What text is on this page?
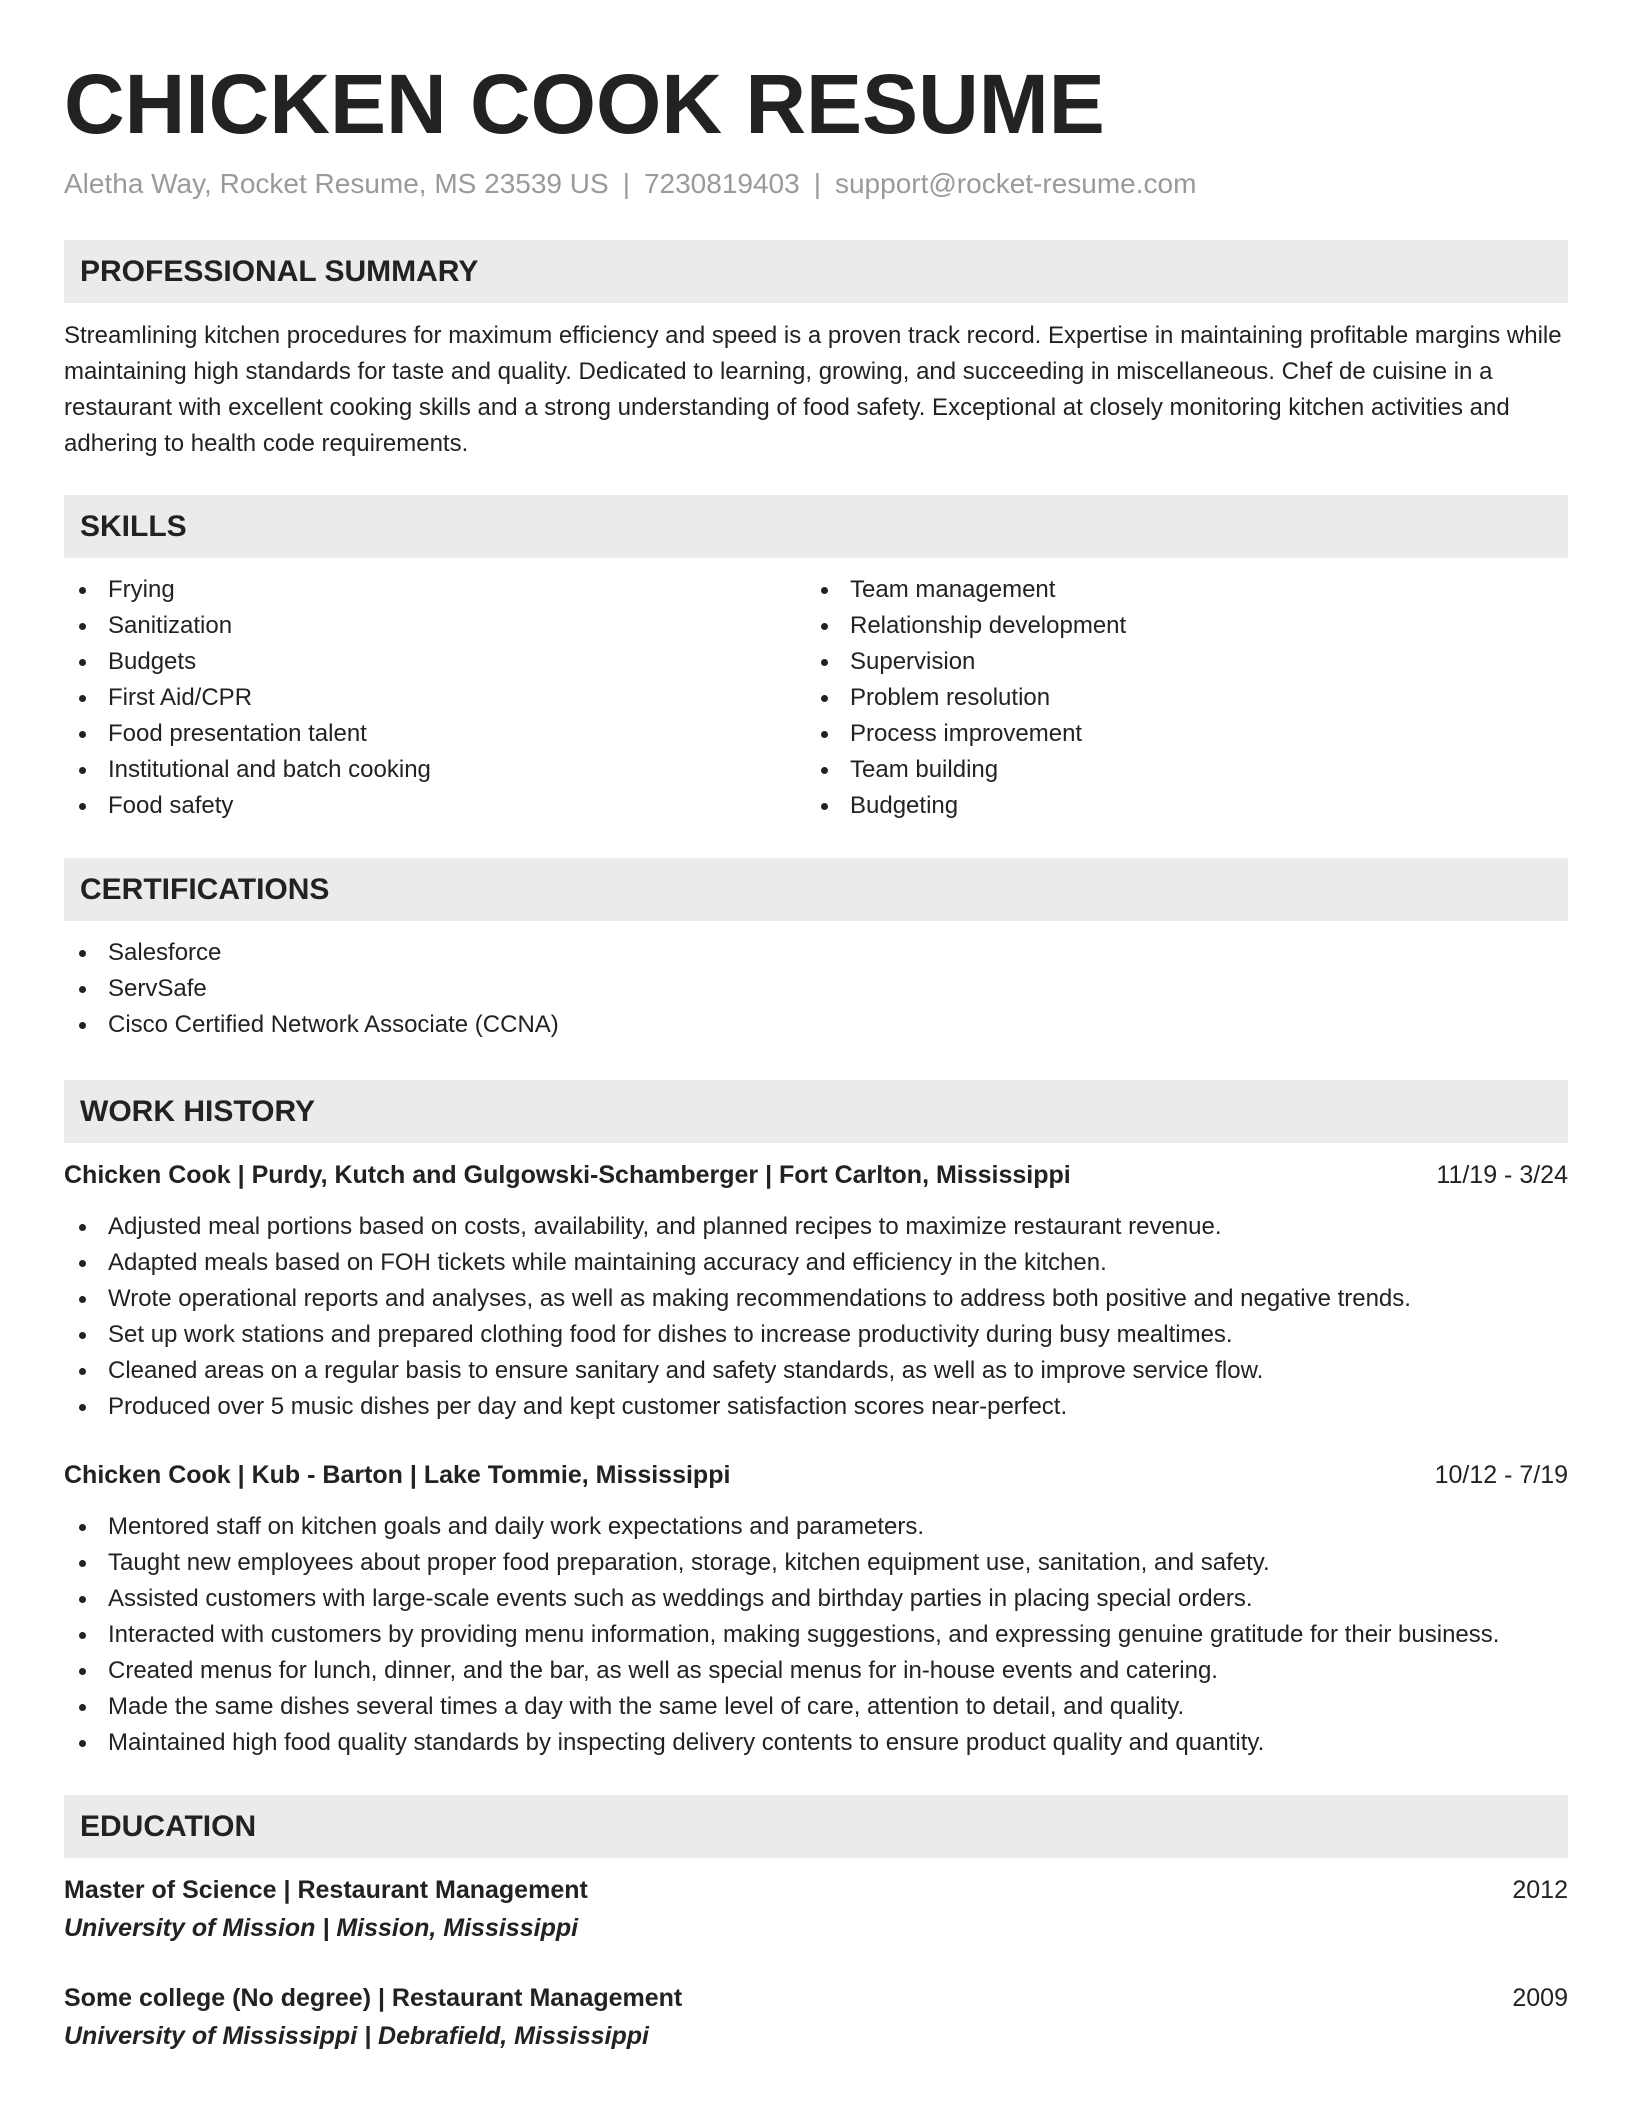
CHICKEN COOK RESUME
Aletha Way, Rocket Resume, MS 23539 US | 7230819403 | support@rocket-resume.com
PROFESSIONAL SUMMARY

Streamlining kitchen procedures for maximum efficiency and speed is a proven track record. Expertise in maintaining profitable margins while maintaining high standards for taste and quality. Dedicated to learning, growing, and succeeding in miscellaneous. Chef de cuisine in a restaurant with excellent cooking skills and a strong understanding of food safety. Exceptional at closely monitoring kitchen activities and adhering to health code requirements.

SKILLS
Frying
Sanitization
Budgets
First Aid/CPR
Food presentation talent
Institutional and batch cooking
Food safety
Team management
Relationship development
Supervision
Problem resolution
Process improvement
Team building
Budgeting
CERTIFICATIONS
Salesforce
ServSafe
Cisco Certified Network Associate (CCNA)
WORK HISTORY
Chicken Cook | Purdy, Kutch and Gulgowski-Schamberger | Fort Carlton, Mississippi	11/19 - 3/24
Adjusted meal portions based on costs, availability, and planned recipes to maximize restaurant revenue.
Adapted meals based on FOH tickets while maintaining accuracy and efficiency in the kitchen.
Wrote operational reports and analyses, as well as making recommendations to address both positive and negative trends.
Set up work stations and prepared clothing food for dishes to increase productivity during busy mealtimes.
Cleaned areas on a regular basis to ensure sanitary and safety standards, as well as to improve service flow.
Produced over 5 music dishes per day and kept customer satisfaction scores near-perfect.
Chicken Cook | Kub - Barton | Lake Tommie, Mississippi	10/12 - 7/19
Mentored staff on kitchen goals and daily work expectations and parameters.
Taught new employees about proper food preparation, storage, kitchen equipment use, sanitation, and safety.
Assisted customers with large-scale events such as weddings and birthday parties in placing special orders.
Interacted with customers by providing menu information, making suggestions, and expressing genuine gratitude for their business.
Created menus for lunch, dinner, and the bar, as well as special menus for in-house events and catering.
Made the same dishes several times a day with the same level of care, attention to detail, and quality.
Maintained high food quality standards by inspecting delivery contents to ensure product quality and quantity.
EDUCATION
Master of Science | Restaurant Management	2012
University of Mission | Mission, Mississippi
Some college (No degree) | Restaurant Management	2009
University of Mississippi | Debrafield, Mississippi
